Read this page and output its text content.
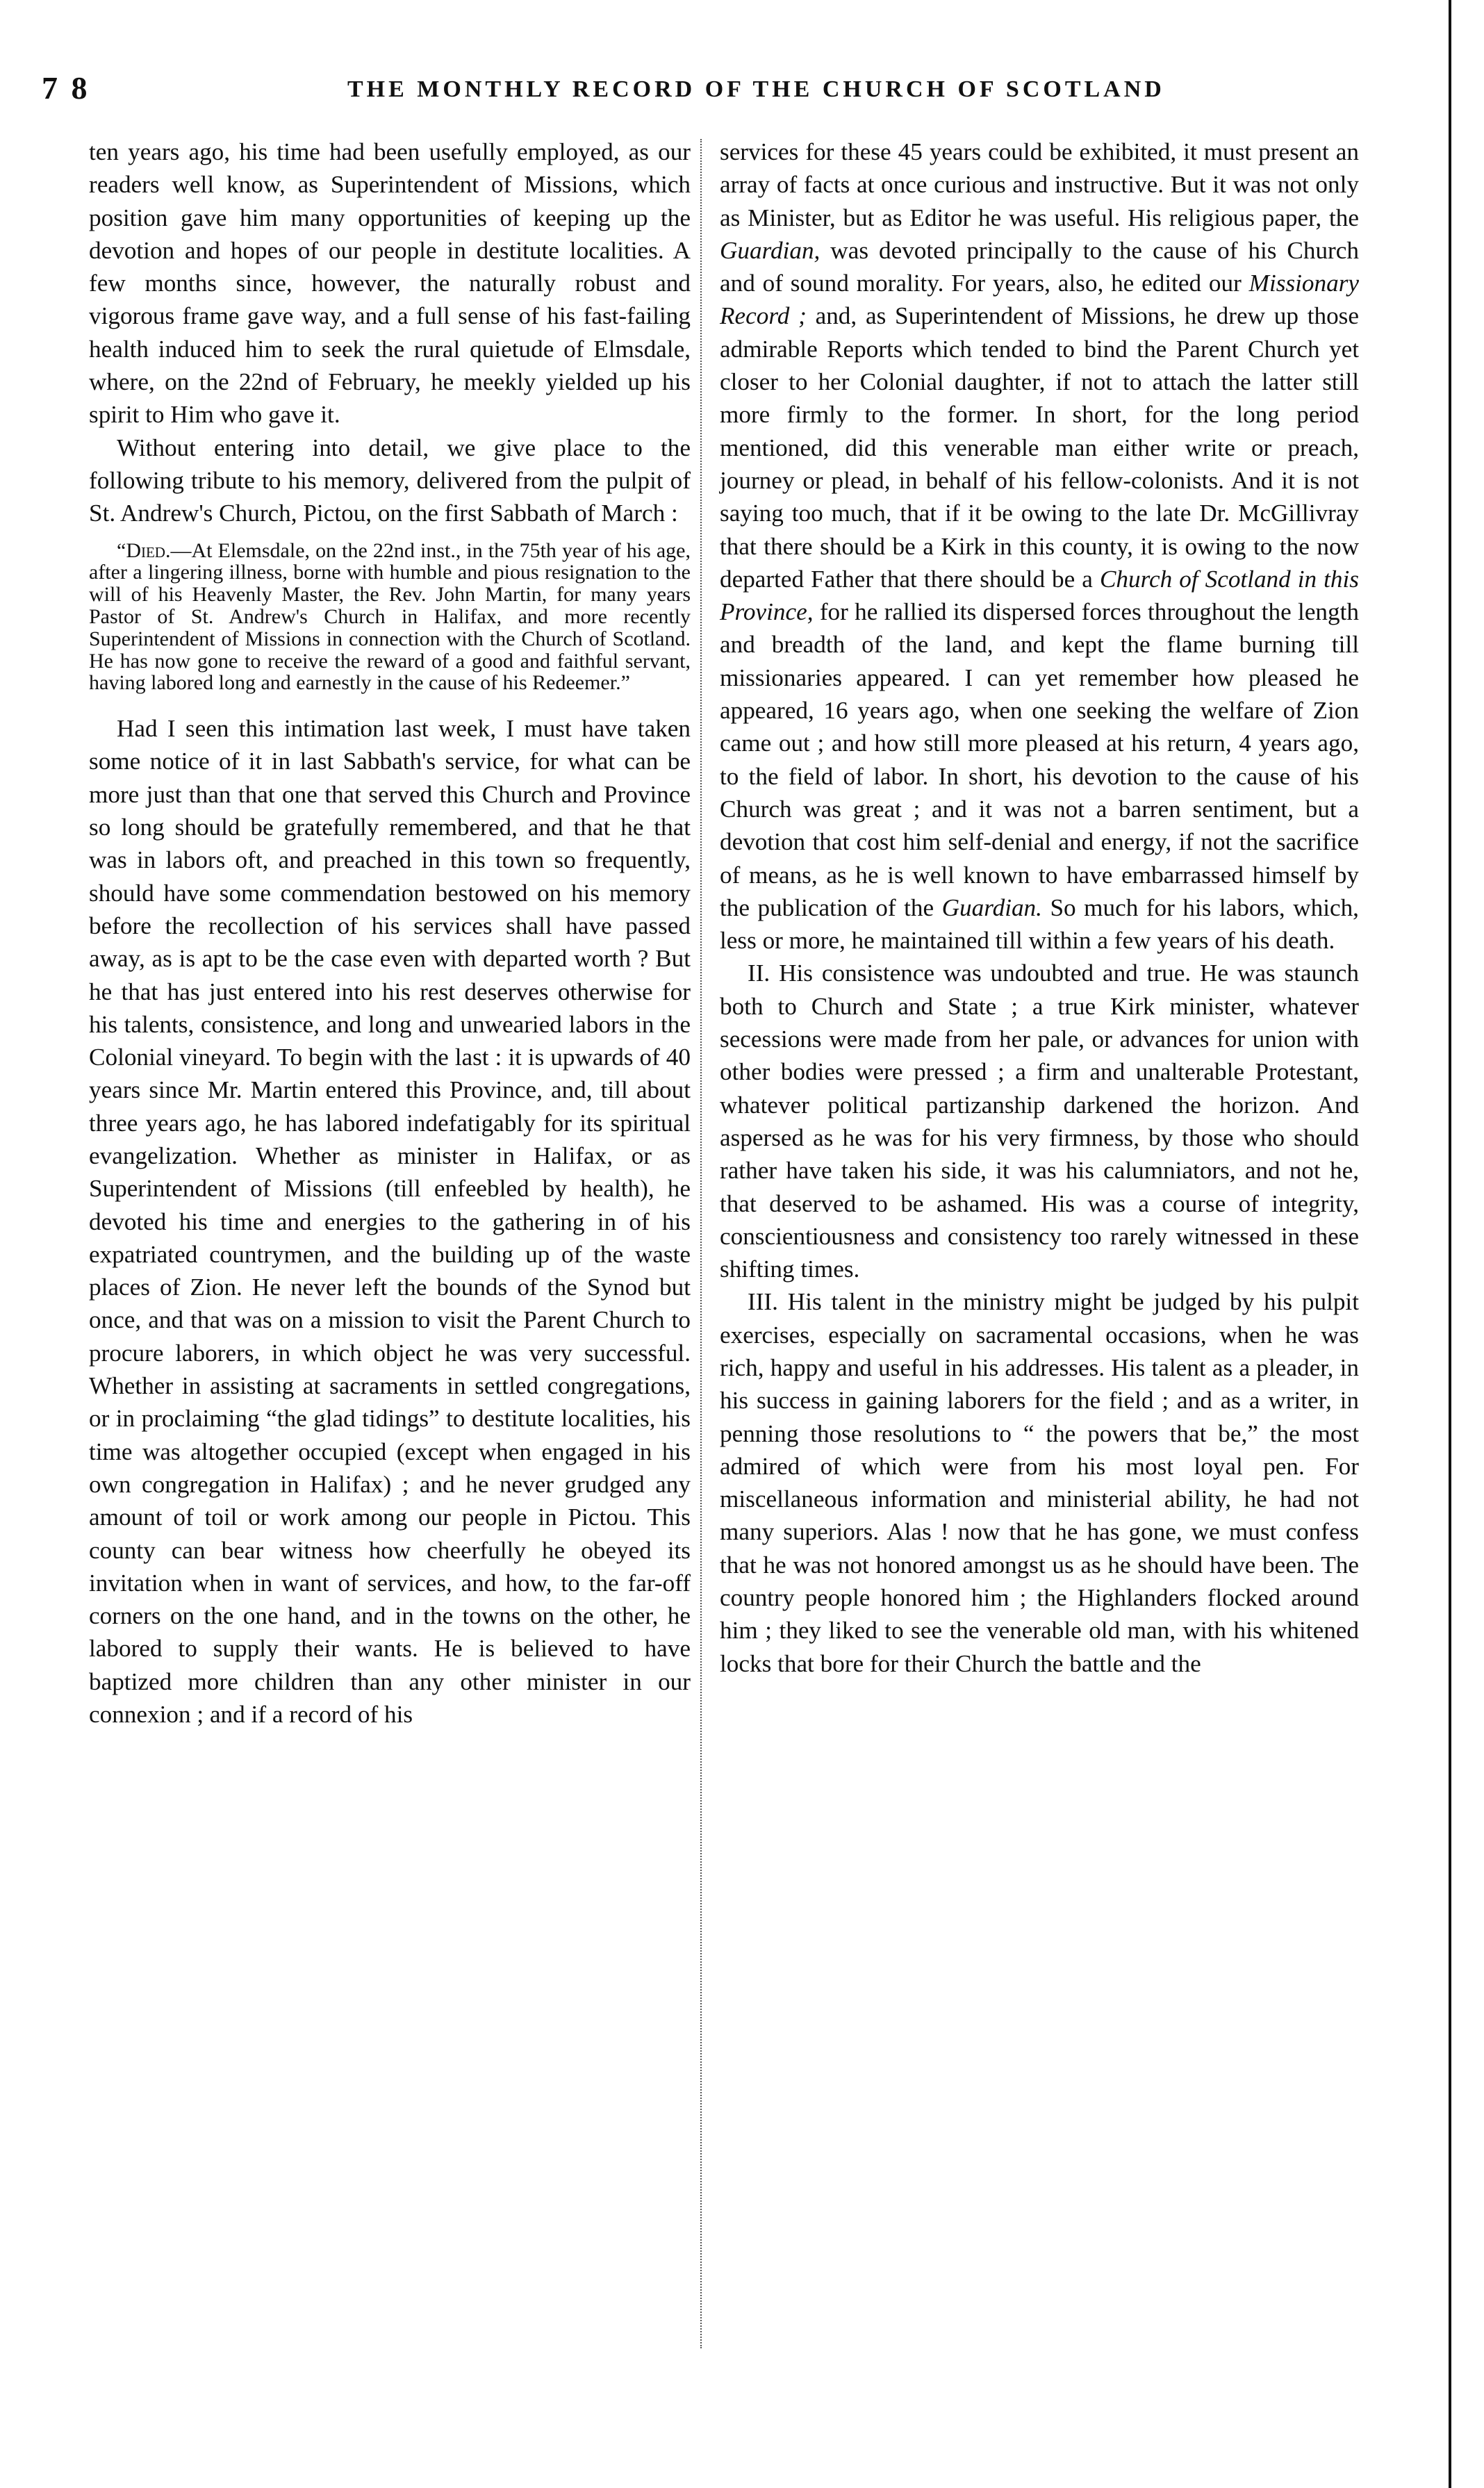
7 8	THE MONTHLY RECORD OF THE CHURCH OF SCOTLAND

ten years ago, his time had been usefully employed, as our readers well know, as Superintendent of Missions, which position gave him many opportunities of keeping up the devotion and hopes of our people in destitute localities. A few months since, however, the naturally robust and vigorous frame gave way, and a full sense of his fast-failing health induced him to seek the rural quietude of Elmsdale, where, on the 22nd of February, he meekly yielded up his spirit to Him who gave it.

Without entering into detail, we give place to the following tribute to his memory, delivered from the pulpit of St. Andrew's Church, Pictou, on the first Sabbath of March :

“Died.—At Elemsdale, on the 22nd inst., in the 75th year of his age, after a lingering illness, borne with humble and pious resignation to the will of his Heavenly Master, the Rev. John Martin, for many years Pastor of St. Andrew's Church in Halifax, and more recently Superintendent of Missions in connection with the Church of Scotland. He has now gone to receive the reward of a good and faithful servant, having labored long and earnestly in the cause of his Redeemer.”

Had I seen this intimation last week, I must have taken some notice of it in last Sabbath's service, for what can be more just than that one that served this Church and Province so long should be gratefully remembered, and that he that was in labors oft, and preached in this town so frequently, should have some commendation bestowed on his memory before the recollection of his services shall have passed away, as is apt to be the case even with departed worth ? But he that has just entered into his rest deserves otherwise for his talents, consistence, and long and unwearied labors in the Colonial vineyard. To begin with the last : it is upwards of 40 years since Mr. Martin entered this Province, and, till about three years ago, he has labored indefatigably for its spiritual evangelization. Whether as minister in Halifax, or as Superintendent of Missions (till enfeebled by health), he devoted his time and energies to the gathering in of his expatriated countrymen, and the building up of the waste places of Zion. He never left the bounds of the Synod but once, and that was on a mission to visit the Parent Church to procure laborers, in which object he was very successful. Whether in assisting at sacraments in settled congregations, or in proclaiming “the glad tidings” to destitute localities, his time was altogether occupied (except when engaged in his own congregation in Halifax) ; and he never grudged any amount of toil or work among our people in Pictou. This county can bear witness how cheerfully he obeyed its invitation when in want of services, and how, to the far-off corners on the one hand, and in the towns on the other, he labored to supply their wants. He is believed to have baptized more children than any other minister in our connexion ; and if a record of his

services for these 45 years could be exhibited, it must present an array of facts at once curious and instructive. But it was not only as Minister, but as Editor he was useful. His religious paper, the Guardian, was devoted principally to the cause of his Church and of sound morality. For years, also, he edited our Missionary Record ; and, as Superintendent of Missions, he drew up those admirable Reports which tended to bind the Parent Church yet closer to her Colonial daughter, if not to attach the latter still more firmly to the former. In short, for the long period mentioned, did this venerable man either write or preach, journey or plead, in behalf of his fellow-colonists. And it is not saying too much, that if it be owing to the late Dr. McGillivray that there should be a Kirk in this county, it is owing to the now departed Father that there should be a Church of Scotland in this Province, for he rallied its dispersed forces throughout the length and breadth of the land, and kept the flame burning till missionaries appeared. I can yet remember how pleased he appeared, 16 years ago, when one seeking the welfare of Zion came out ; and how still more pleased at his return, 4 years ago, to the field of labor. In short, his devotion to the cause of his Church was great ; and it was not a barren sentiment, but a devotion that cost him self-denial and energy, if not the sacrifice of means, as he is well known to have embarrassed himself by the publication of the Guardian. So much for his labors, which, less or more, he maintained till within a few years of his death.

II. His consistence was undoubted and true. He was staunch both to Church and State ; a true Kirk minister, whatever secessions were made from her pale, or advances for union with other bodies were pressed ; a firm and unalterable Protestant, whatever political partizanship darkened the horizon. And aspersed as he was for his very firmness, by those who should rather have taken his side, it was his calumniators, and not he, that deserved to be ashamed. His was a course of integrity, conscientiousness and consistency too rarely witnessed in these shifting times.

III. His talent in the ministry might be judged by his pulpit exercises, especially on sacramental occasions, when he was rich, happy and useful in his addresses. His talent as a pleader, in his success in gaining laborers for the field ; and as a writer, in penning those resolutions to “ the powers that be,” the most admired of which were from his most loyal pen. For miscellaneous information and ministerial ability, he had not many superiors. Alas ! now that he has gone, we must confess that he was not honored amongst us as he should have been. The country people honored him ; the Highlanders flocked around him ; they liked to see the venerable old man, with his whitened locks that bore for their Church the battle and the
